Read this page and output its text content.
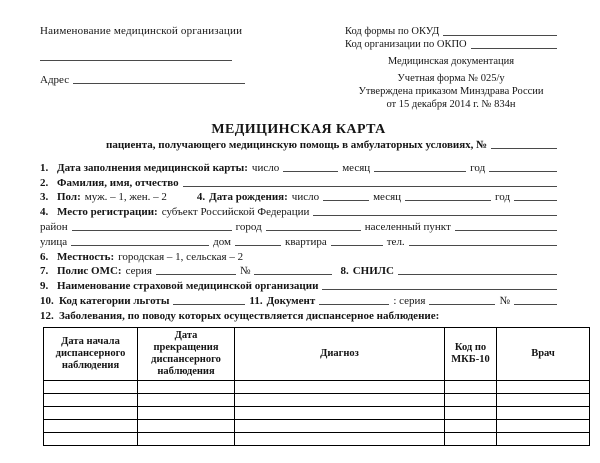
Наименование медицинской организации
Адрес
Код формы по ОКУД
Код организации по ОКПО
Медицинская документация
Учетная форма № 025/у
Утверждена приказом Минздрава России
от 15 декабря 2014 г. № 834н
МЕДИЦИНСКАЯ КАРТА
пациента, получающего медицинскую помощь в амбулаторных условиях, №
1. Дата заполнения медицинской карты: число	месяц	год
2. Фамилия, имя, отчество
3. Пол: муж. – 1, жен. – 2	4. Дата рождения: число	месяц	год
4. Место регистрации: субъект Российской Федерации
район	город	населенный пункт
улица	дом	квартира	тел.
6. Местность: городская – 1, сельская – 2
7. Полис ОМС: серия	№	8. СНИЛС
9. Наименование страховой медицинской организации
10. Код категории льготы	11. Документ	: серия	№
12. Заболевания, по поводу которых осуществляется диспансерное наблюдение:
Дата начала диспансерного наблюдения	Дата прекращения диспансерного наблюдения	Диагноз	Код по МКБ-10	Врач
